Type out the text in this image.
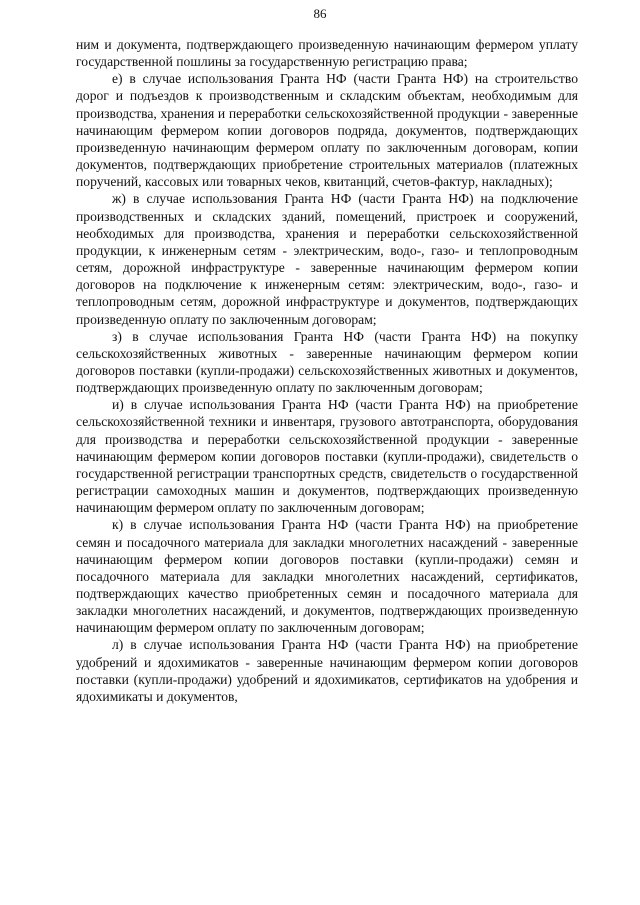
86

ним и документа, подтверждающего произведенную начинающим фермером уплату государственной пошлины за государственную регистрацию права;

е) в случае использования Гранта НФ (части Гранта НФ) на строительство дорог и подъездов к производственным и складским объектам, необходимым для производства, хранения и переработки сельскохозяйственной продукции - заверенные начинающим фермером копии договоров подряда, документов, подтверждающих произведенную начинающим фермером оплату по заключенным договорам, копии документов, подтверждающих приобретение строительных материалов (платежных поручений, кассовых или товарных чеков, квитанций, счетов-фактур, накладных);

ж) в случае использования Гранта НФ (части Гранта НФ) на подключение производственных и складских зданий, помещений, пристроек и сооружений, необходимых для производства, хранения и переработки сельскохозяйственной продукции, к инженерным сетям - электрическим, водо-, газо- и теплопроводным сетям, дорожной инфраструктуре - заверенные начинающим фермером копии договоров на подключение к инженерным сетям: электрическим, водо-, газо- и теплопроводным сетям, дорожной инфраструктуре и документов, подтверждающих произведенную оплату по заключенным договорам;

з) в случае использования Гранта НФ (части Гранта НФ) на покупку сельскохозяйственных животных - заверенные начинающим фермером копии договоров поставки (купли-продажи) сельскохозяйственных животных и документов, подтверждающих произведенную оплату по заключенным договорам;

и) в случае использования Гранта НФ (части Гранта НФ) на приобретение сельскохозяйственной техники и инвентаря, грузового автотранспорта, оборудования для производства и переработки сельскохозяйственной продукции - заверенные начинающим фермером копии договоров поставки (купли-продажи), свидетельств о государственной регистрации транспортных средств, свидетельств о государственной регистрации самоходных машин и документов, подтверждающих произведенную начинающим фермером оплату по заключенным договорам;

к) в случае использования Гранта НФ (части Гранта НФ) на приобретение семян и посадочного материала для закладки многолетних насаждений - заверенные начинающим фермером копии договоров поставки (купли-продажи) семян и посадочного материала для закладки многолетних насаждений, сертификатов, подтверждающих качество приобретенных семян и посадочного материала для закладки многолетних насаждений, и документов, подтверждающих произведенную начинающим фермером оплату по заключенным договорам;

л) в случае использования Гранта НФ (части Гранта НФ) на приобретение удобрений и ядохимикатов - заверенные начинающим фермером копии договоров поставки (купли-продажи) удобрений и ядохимикатов, сертификатов на удобрения и ядохимикаты и документов,
